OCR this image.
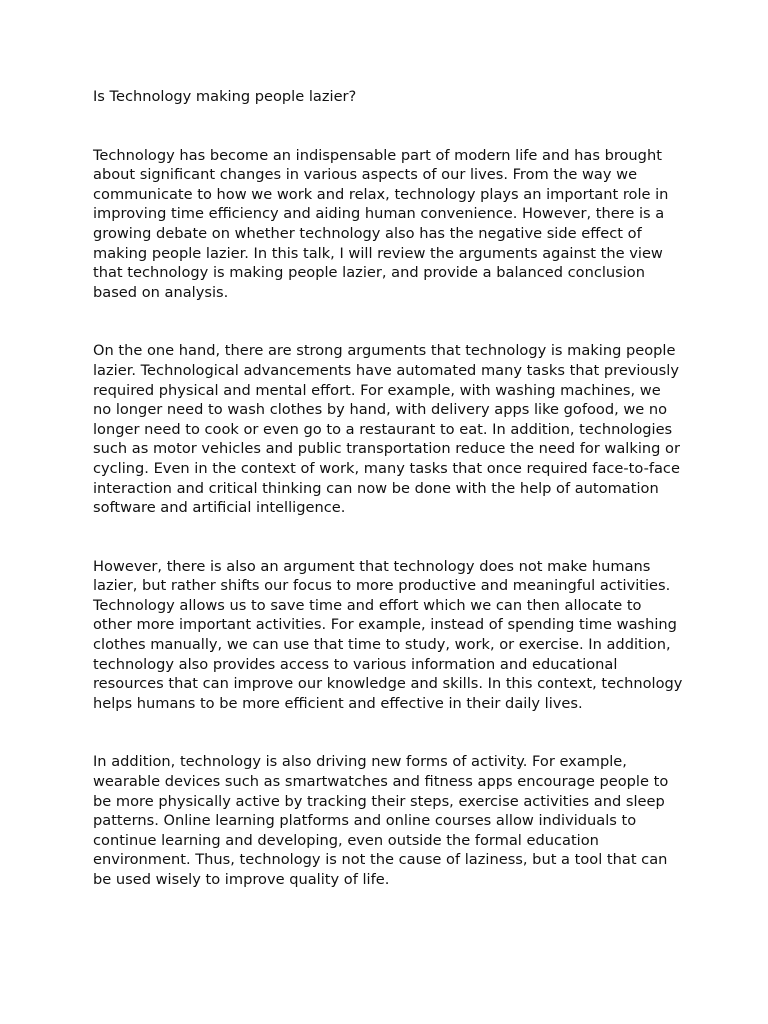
Is Technology making people lazier?

Technology has become an indispensable part of modern life and has brought about significant changes in various aspects of our lives. From the way we communicate to how we work and relax, technology plays an important role in improving time efficiency and aiding human convenience. However, there is a growing debate on whether technology also has the negative side effect of making people lazier. In this talk, I will review the arguments against the view that technology is making people lazier, and provide a balanced conclusion based on analysis.

On the one hand, there are strong arguments that technology is making people lazier. Technological advancements have automated many tasks that previously required physical and mental effort. For example, with washing machines, we no longer need to wash clothes by hand, with delivery apps like gofood, we no longer need to cook or even go to a restaurant to eat. In addition, technologies such as motor vehicles and public transportation reduce the need for walking or cycling. Even in the context of work, many tasks that once required face-to-face interaction and critical thinking can now be done with the help of automation software and artificial intelligence.

However, there is also an argument that technology does not make humans lazier, but rather shifts our focus to more productive and meaningful activities. Technology allows us to save time and effort which we can then allocate to other more important activities. For example, instead of spending time washing clothes manually, we can use that time to study, work, or exercise. In addition, technology also provides access to various information and educational resources that can improve our knowledge and skills. In this context, technology helps humans to be more efficient and effective in their daily lives.

In addition, technology is also driving new forms of activity. For example, wearable devices such as smartwatches and fitness apps encourage people to be more physically active by tracking their steps, exercise activities and sleep patterns. Online learning platforms and online courses allow individuals to continue learning and developing, even outside the formal education environment. Thus, technology is not the cause of laziness, but a tool that can be used wisely to improve quality of life.
